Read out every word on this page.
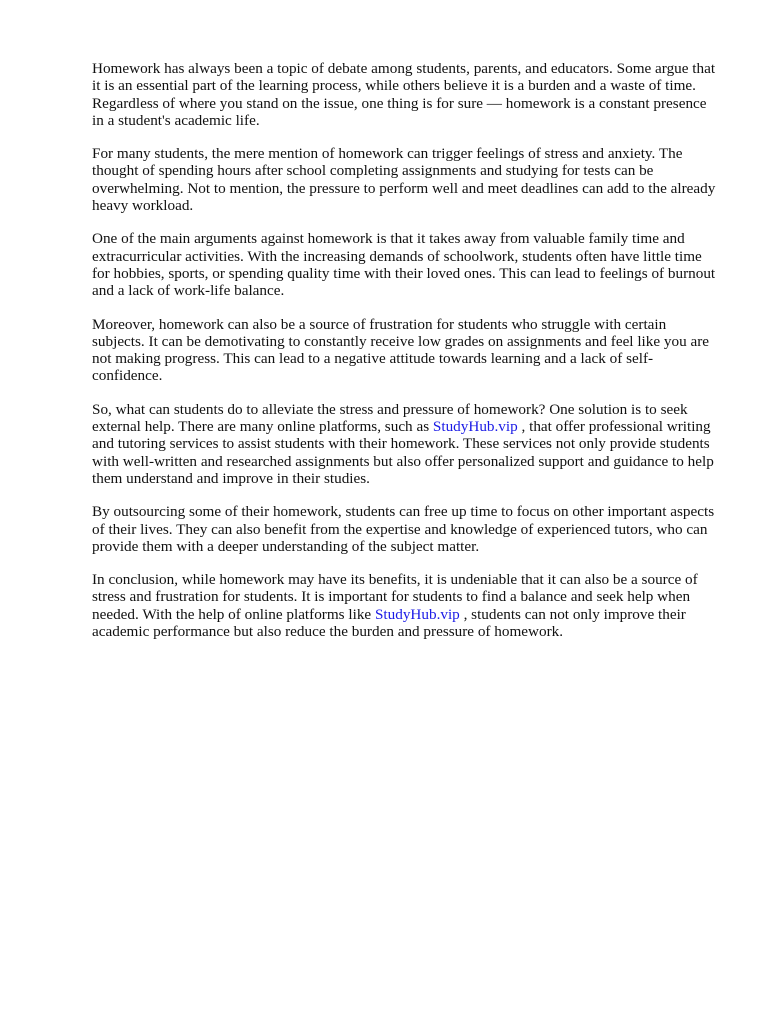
Homework has always been a topic of debate among students, parents, and educators. Some argue that it is an essential part of the learning process, while others believe it is a burden and a waste of time. Regardless of where you stand on the issue, one thing is for sure — homework is a constant presence in a student's academic life.

For many students, the mere mention of homework can trigger feelings of stress and anxiety. The thought of spending hours after school completing assignments and studying for tests can be overwhelming. Not to mention, the pressure to perform well and meet deadlines can add to the already heavy workload.

One of the main arguments against homework is that it takes away from valuable family time and extracurricular activities. With the increasing demands of schoolwork, students often have little time for hobbies, sports, or spending quality time with their loved ones. This can lead to feelings of burnout and a lack of work-life balance.

Moreover, homework can also be a source of frustration for students who struggle with certain subjects. It can be demotivating to constantly receive low grades on assignments and feel like you are not making progress. This can lead to a negative attitude towards learning and a lack of self-confidence.

So, what can students do to alleviate the stress and pressure of homework? One solution is to seek external help. There are many online platforms, such as StudyHub.vip , that offer professional writing and tutoring services to assist students with their homework. These services not only provide students with well-written and researched assignments but also offer personalized support and guidance to help them understand and improve in their studies.

By outsourcing some of their homework, students can free up time to focus on other important aspects of their lives. They can also benefit from the expertise and knowledge of experienced tutors, who can provide them with a deeper understanding of the subject matter.

In conclusion, while homework may have its benefits, it is undeniable that it can also be a source of stress and frustration for students. It is important for students to find a balance and seek help when needed. With the help of online platforms like StudyHub.vip , students can not only improve their academic performance but also reduce the burden and pressure of homework.
